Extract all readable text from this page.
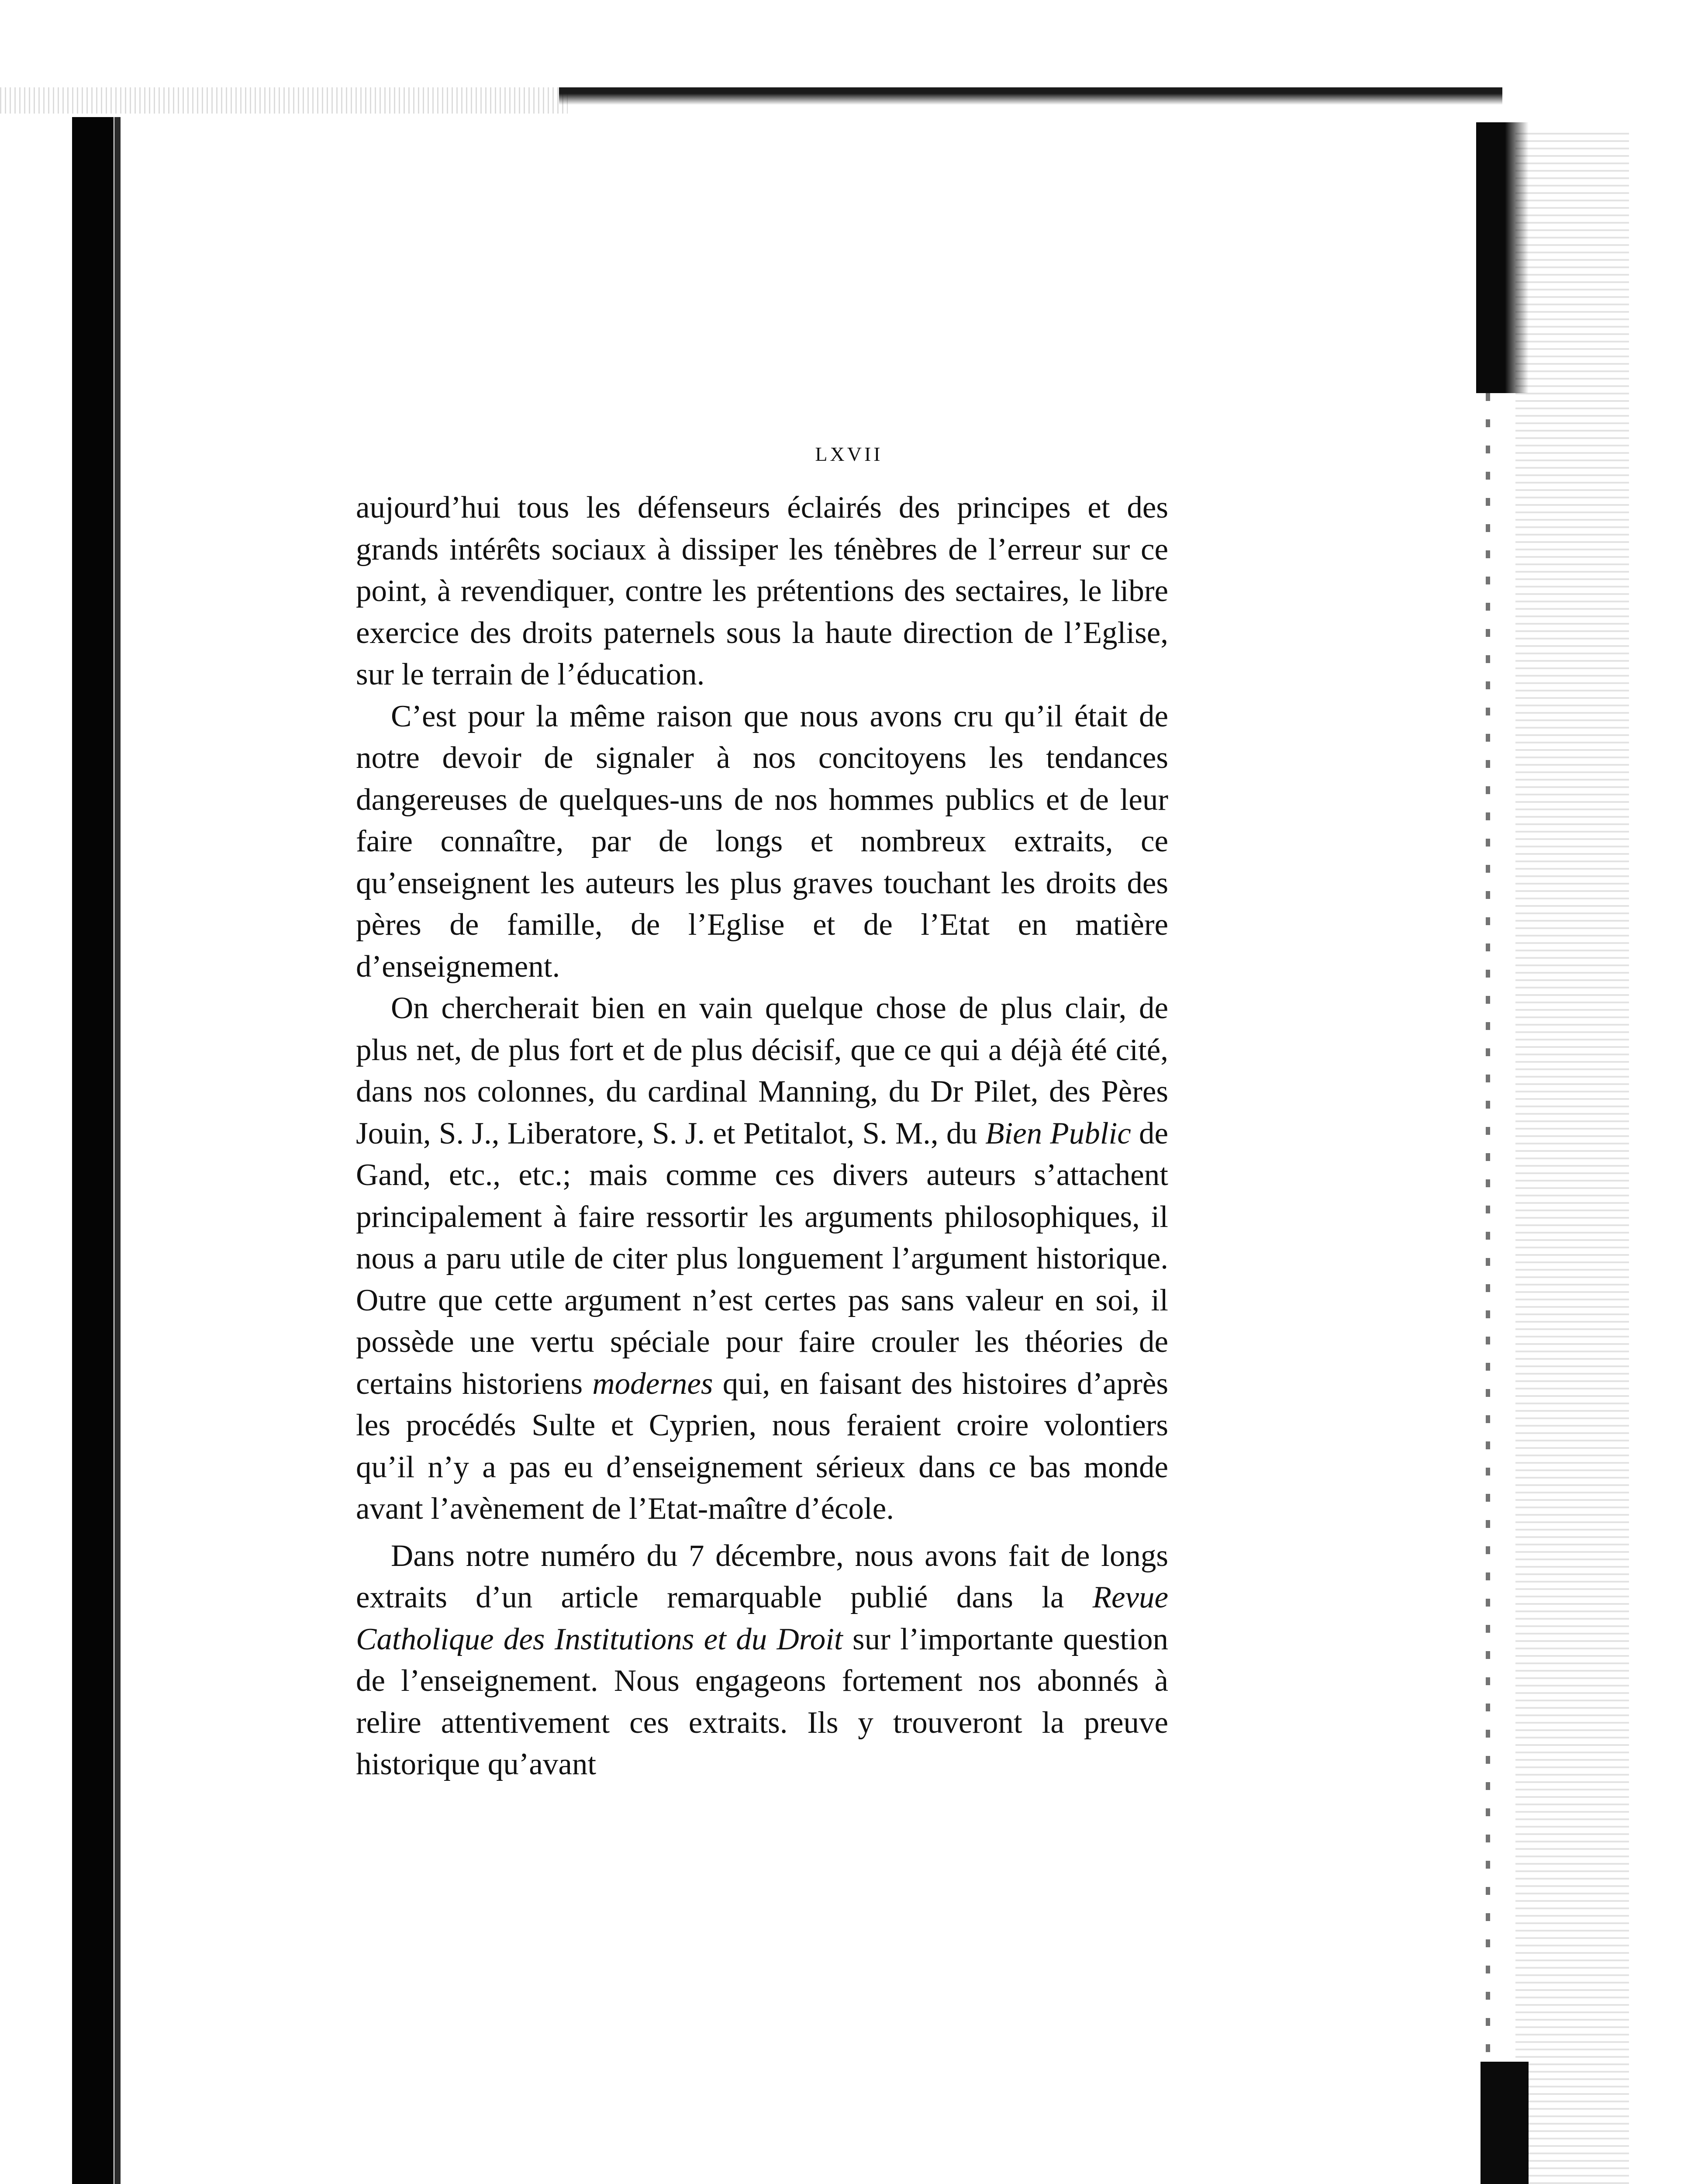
LXVII

aujourd’hui tous les défenseurs éclairés des principes et des grands intérêts sociaux à dissiper les ténèbres de l’erreur sur ce point, à revendiquer, contre les prétentions des sectaires, le libre exercice des droits paternels sous la haute direction de l’Eglise, sur le terrain de l’éducation.

C’est pour la même raison que nous avons cru qu’il était de notre devoir de signaler à nos concitoyens les tendances dangereuses de quelques-uns de nos hommes publics et de leur faire connaître, par de longs et nombreux extraits, ce qu’enseignent les auteurs les plus graves touchant les droits des pères de famille, de l’Eglise et de l’Etat en matière d’enseignement.

On chercherait bien en vain quelque chose de plus clair, de plus net, de plus fort et de plus décisif, que ce qui a déjà été cité, dans nos colonnes, du cardinal Manning, du Dr Pilet, des Pères Jouin, S. J., Liberatore, S. J. et Petitalot, S. M., du Bien Public de Gand, etc., etc.; mais comme ces divers auteurs s’attachent principalement à faire ressortir les arguments philosophiques, il nous a paru utile de citer plus longuement l’argument historique. Outre que cette argument n’est certes pas sans valeur en soi, il possède une vertu spéciale pour faire crouler les théories de certains historiens modernes qui, en faisant des histoires d’après les procédés Sulte et Cyprien, nous feraient croire volontiers qu’il n’y a pas eu d’enseignement sérieux dans ce bas monde avant l’avènement de l’Etat-maître d’école.

Dans notre numéro du 7 décembre, nous avons fait de longs extraits d’un article remarquable publié dans la Revue Catholique des Institutions et du Droit sur l’importante question de l’enseignement. Nous engageons fortement nos abonnés à relire attentivement ces extraits. Ils y trouveront la preuve historique qu’avant
